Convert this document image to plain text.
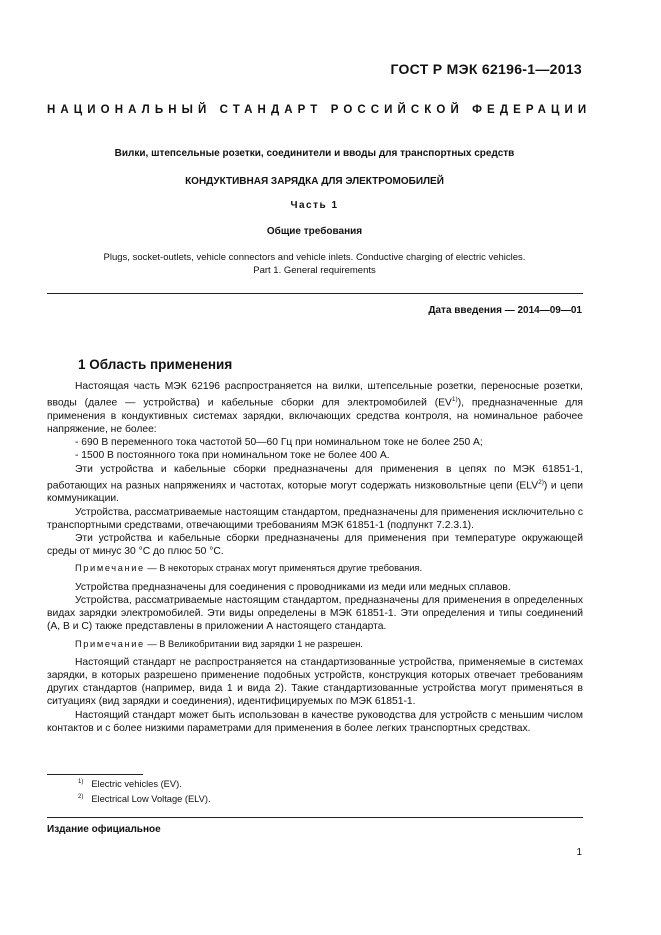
ГОСТ Р МЭК 62196-1—2013
НАЦИОНАЛЬНЫЙ СТАНДАРТ РОССИЙСКОЙ ФЕДЕРАЦИИ
Вилки, штепсельные розетки, соединители и вводы для транспортных средств
КОНДУКТИВНАЯ ЗАРЯДКА ДЛЯ ЭЛЕКТРОМОБИЛЕЙ
Часть 1
Общие требования
Plugs, socket-outlets, vehicle connectors and vehicle inlets. Conductive charging of electric vehicles.
Part 1. General requirements
Дата введения — 2014—09—01
1 Область применения

Настоящая часть МЭК 62196 распространяется на вилки, штепсельные розетки, переносные розетки, вводы (далее — устройства) и кабельные сборки для электромобилей (EV$^{1)}$), предназначенные для применения в кондуктивных системах зарядки, включающих средства контроля, на номинальное рабочее напряжение, не более:

- 690 В переменного тока частотой 50—60 Гц при номинальном токе не более 250 А;

- 1500 В постоянного тока при номинальном токе не более 400 А.

Эти устройства и кабельные сборки предназначены для применения в цепях по МЭК 61851-1, работающих на разных напряжениях и частотах, которые могут содержать низковольтные цепи (ELV$^{2)}$) и цепи коммуникации.

Устройства, рассматриваемые настоящим стандартом, предназначены для применения исключительно с транспортными средствами, отвечающими требованиям МЭК 61851-1 (подпункт 7.2.3.1).

Эти устройства и кабельные сборки предназначены для применения при температуре окружающей среды от минус 30 °С до плюс 50 °С.

Примечание — В некоторых странах могут применяться другие требования.

Устройства предназначены для соединения с проводниками из меди или медных сплавов.

Устройства, рассматриваемые настоящим стандартом, предназначены для применения в определенных видах зарядки электромобилей. Эти виды определены в МЭК 61851-1. Эти определения и типы соединений (А, В и С) также представлены в приложении А настоящего стандарта.

Примечание — В Великобритании вид зарядки 1 не разрешен.

Настоящий стандарт не распространяется на стандартизованные устройства, применяемые в системах зарядки, в которых разрешено применение подобных устройств, конструкция которых отвечает требованиям других стандартов (например, вида 1 и вида 2). Такие стандартизованные устройства могут применяться в ситуациях (вид зарядки и соединения), идентифицируемых по МЭК 61851-1.

Настоящий стандарт может быть использован в качестве руководства для устройств с меньшим числом контактов и с более низкими параметрами для применения в более легких транспортных средствах.

$^{1)}$ Electric vehicles (EV).
$^{2)}$ Electrical Low Voltage (ELV).
Издание официальное
1
